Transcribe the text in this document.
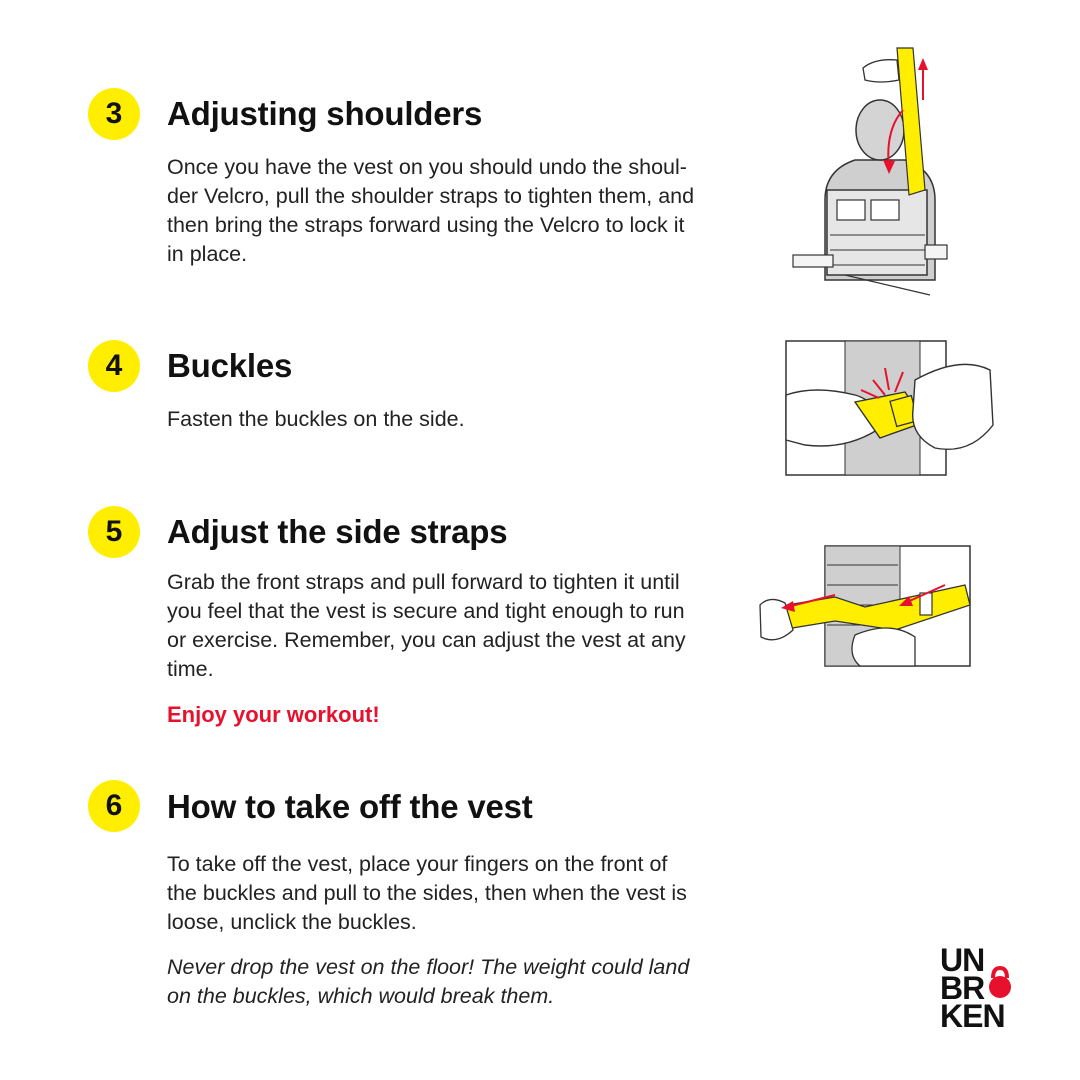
3	Adjusting shoulders

Once you have the vest on you should undo the shoul-
der Velcro, pull the shoulder straps to tighten them, and
then bring the straps forward using the Velcro to lock it
in place.

4	Buckles

Fasten the buckles on the side.

5	Adjust the side straps

Grab the front straps and pull forward to tighten it until
you feel that the vest is secure and tight enough to run
or exercise. Remember, you can adjust the vest at any
time.

Enjoy your workout!

6	How to take off the vest

To take off the vest, place your fingers on the front of
the buckles and pull to the sides, then when the vest is
loose, unclick the buckles.

Never drop the vest on the floor! The weight could land
on the buckles, which would break them.

UN
BR
KEN
